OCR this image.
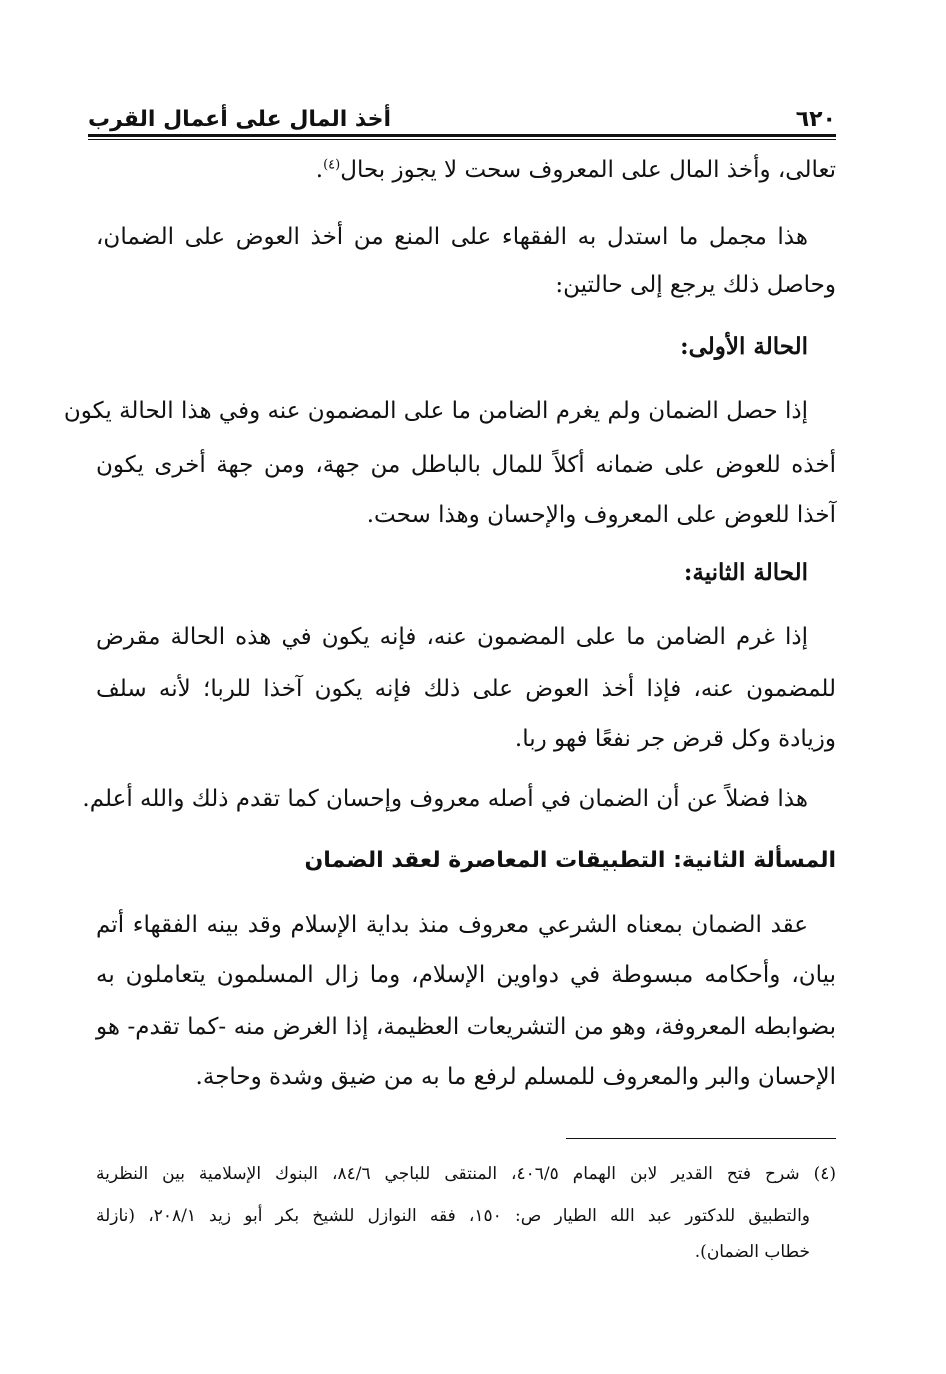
٦٢٠
أخذ المال على أعمال القرب
تعالى، وأخذ المال على المعروف سحت لا يجوز بحال$^{(٤)}$.
هذا مجمل ما استدل به الفقهاء على المنع من أخذ العوض على الضمان،
وحاصل ذلك يرجع إلى حالتين:
الحالة الأولى:
إذا حصل الضمان ولم يغرم الضامن ما على المضمون عنه وفي هذا الحالة يكون
أخذه للعوض على ضمانه أكلاً للمال بالباطل من جهة، ومن جهة أخرى يكون
آخذا للعوض على المعروف والإحسان وهذا سحت.
الحالة الثانية:
إذا غرم الضامن ما على المضمون عنه، فإنه يكون في هذه الحالة مقرض
للمضمون عنه، فإذا أخذ العوض على ذلك فإنه يكون آخذا للربا؛ لأنه سلف
وزيادة وكل قرض جر نفعًا فهو ربا.
هذا فضلاً عن أن الضمان في أصله معروف وإحسان كما تقدم ذلك والله أعلم.
المسألة الثانية: التطبيقات المعاصرة لعقد الضمان
عقد الضمان بمعناه الشرعي معروف منذ بداية الإسلام وقد بينه الفقهاء أتم
بيان، وأحكامه مبسوطة في دواوين الإسلام، وما زال المسلمون يتعاملون به
بضوابطه المعروفة، وهو من التشريعات العظيمة، إذا الغرض منه -كما تقدم- هو
الإحسان والبر والمعروف للمسلم لرفع ما به من ضيق وشدة وحاجة.
(٤) شرح فتح القدير لابن الهمام ٤٠٦/٥، المنتقى للباجي ٨٤/٦، البنوك الإسلامية بين النظرية
والتطبيق للدكتور عبد الله الطيار ص: ١٥٠، فقه النوازل للشيخ بكر أبو زيد ٢٠٨/١، (نازلة
خطاب الضمان).
